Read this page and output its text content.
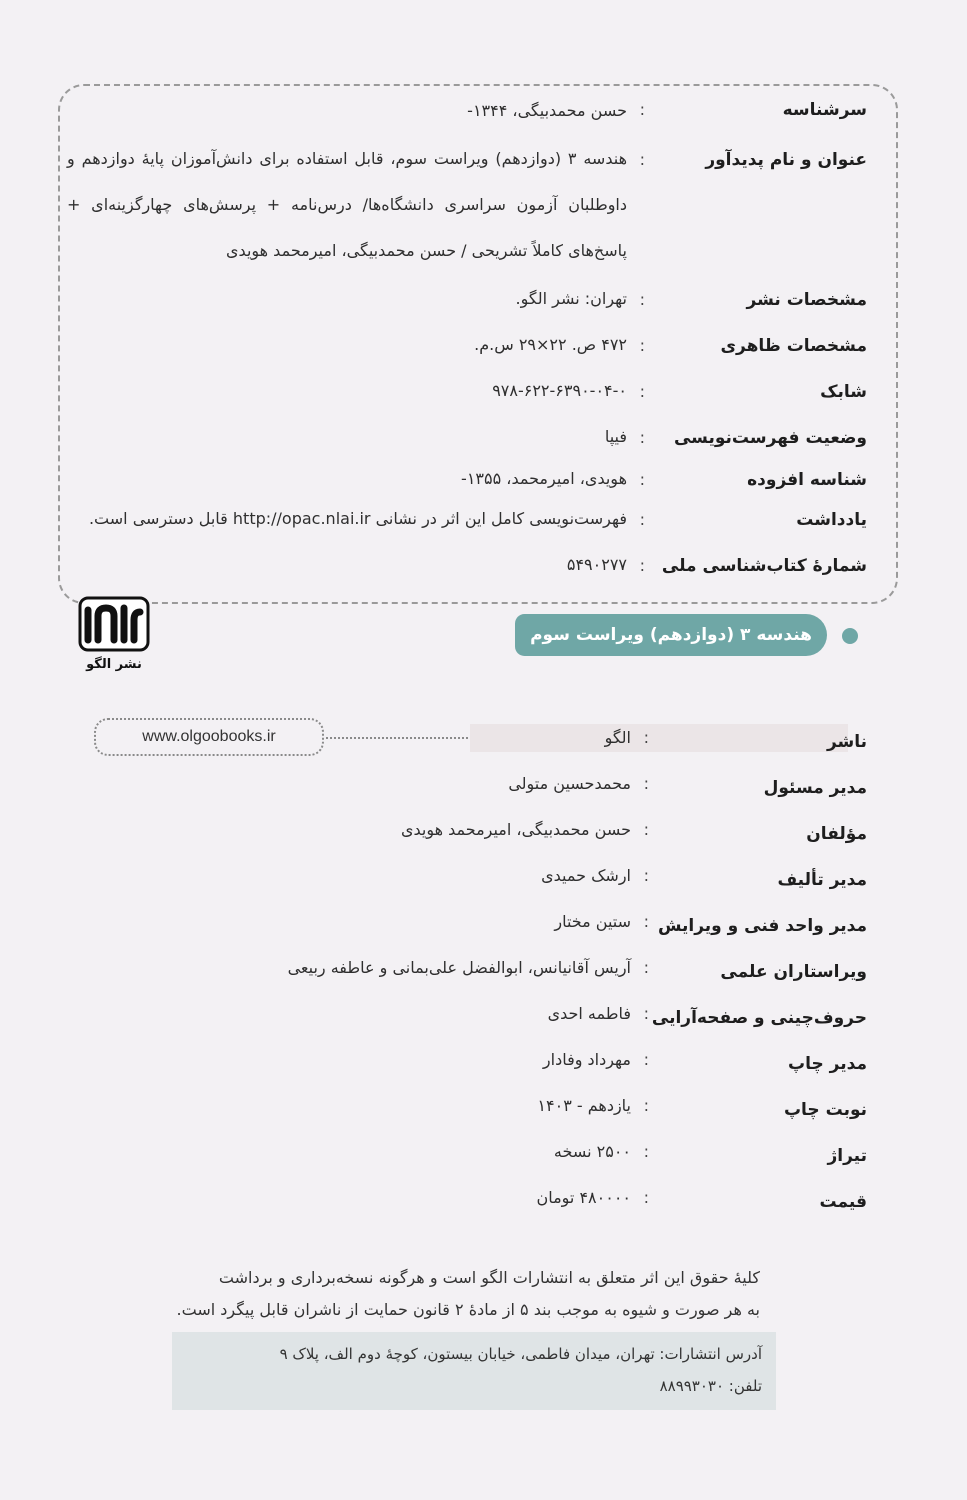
سرشناسه
:
حسن محمدبیگی، ۱۳۴۴-
عنوان و نام پدیدآور
:
هندسه ۳ (دوازدهم) ویراست سوم، قابل استفاده برای دانش‌آموزان پایهٔ دوازدهم و داوطلبان آزمون سراسری دانشگاه‌ها/ درس‌نامه + پرسش‌های چهارگزینه‌ای + پاسخ‌های کاملاً تشریحی / حسن محمدبیگی، امیرمحمد هویدی
مشخصات نشر
:
تهران: نشر الگو.
مشخصات ظاهری
:
۴۷۲ ص. ۲۲×۲۹ س.م.
شابک
:
۹۷۸-۶۲۲-۶۳۹۰-۰۴-۰
وضعیت فهرست‌نویسی
:
فیپا
شناسه افزوده
:
هویدی، امیرمحمد، ۱۳۵۵-
یادداشت
:
فهرست‌نویسی کامل این اثر در نشانی http://opac.nlai.ir قابل دسترسی است.
شمارهٔ کتاب‌شناسی ملی
:
۵۴۹۰۲۷۷
نشر الگو
هندسه ۳ (دوازدهم) ویراست سوم
www.olgoobooks.ir	ناشر
:
الگو
مدیر مسئول
:
محمدحسین متولی
مؤلفان
:
حسن محمدبیگی، امیرمحمد هویدی
مدیر تألیف
:
ارشک حمیدی
مدیر واحد فنی و ویرایش
:
ستین مختار
ویراستاران علمی
:
آریس آقانیانس، ابوالفضل علی‌بمانی و عاطفه ربیعی
حروف‌چینی و صفحه‌آرایی
:
فاطمه احدی
مدیر چاپ
:
مهرداد وفادار
نوبت چاپ
:
یازدهم - ۱۴۰۳
تیراژ
:
۲۵۰۰ نسخه
قیمت
:
۴۸۰۰۰۰ تومان
کلیهٔ حقوق این اثر متعلق به انتشارات الگو است و هرگونه نسخه‌برداری و برداشت
به هر صورت و شیوه به موجب بند ۵ از مادهٔ ۲ قانون حمایت از ناشران قابل پیگرد است.
آدرس انتشارات: تهران، میدان فاطمی، خیابان بیستون، کوچهٔ دوم الف، پلاک ۹
تلفن: ۸۸۹۹۳۰۳۰
